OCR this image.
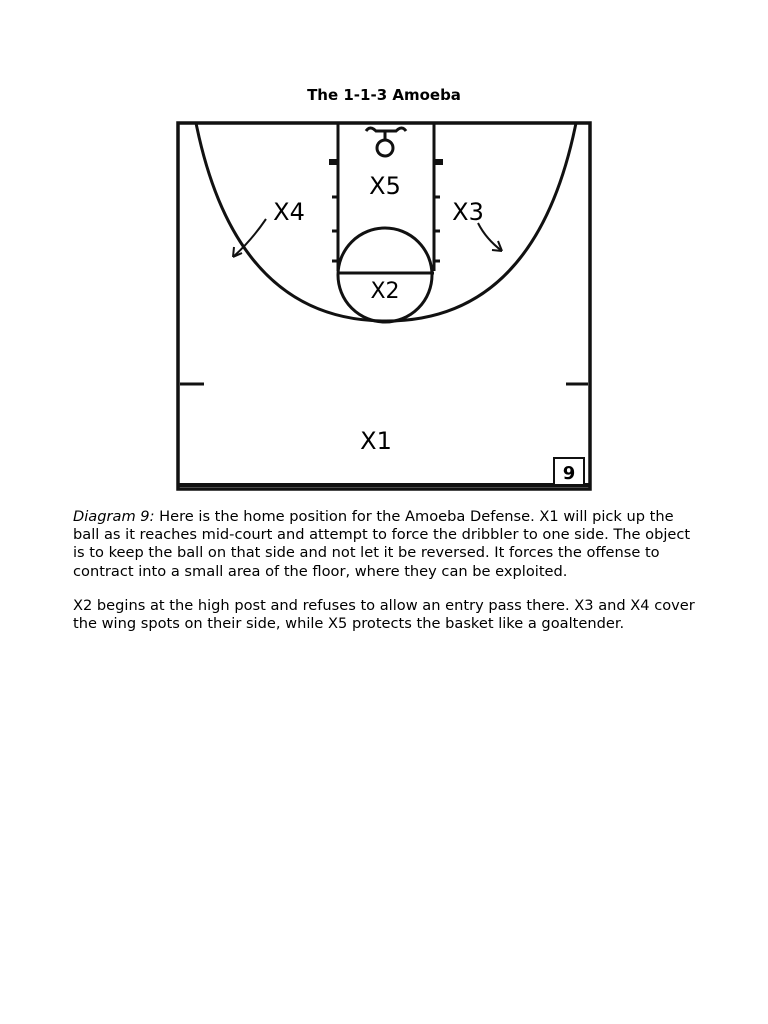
The 1-1-3 Amoeba
X5
X4	X3
X2
X1
9

Diagram 9: Here is the home position for the Amoeba Defense. X1 will pick up the ball as it reaches mid-court and attempt to force the dribbler to one side. The object is to keep the ball on that side and not let it be reversed. It forces the offense to contract into a small area of the floor, where they can be exploited.

X2 begins at the high post and refuses to allow an entry pass there. X3 and X4 cover the wing spots on their side, while X5 protects the basket like a goaltender.
